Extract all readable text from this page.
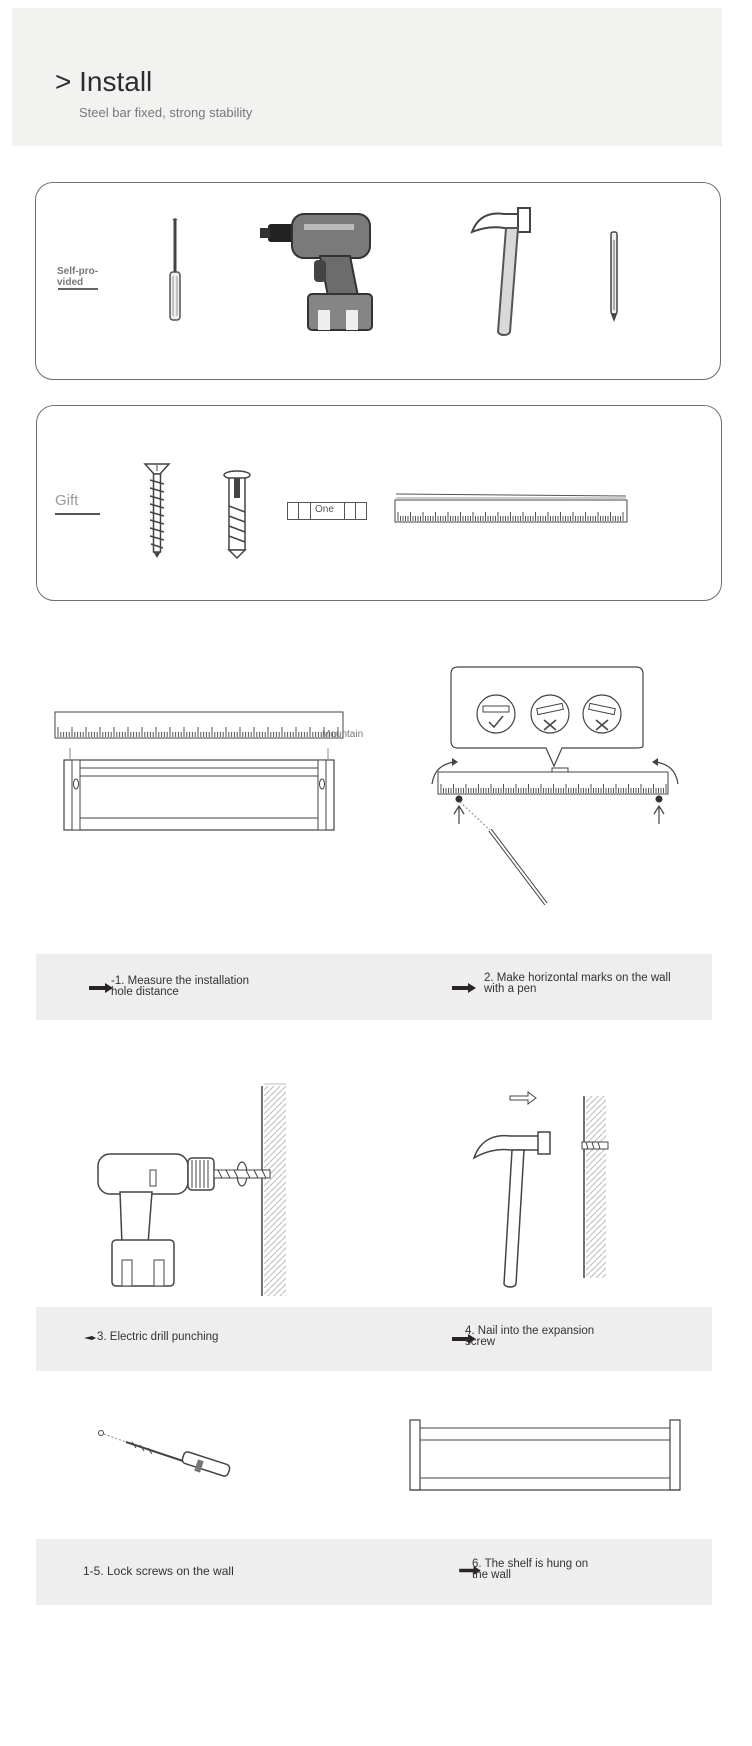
> Install
Steel bar fixed, strong stability
Self-pro-vided
Gift
One
Mountain
-1. Measure the installation hole distance
2. Make horizontal marks on the wall with a pen
3. Electric drill punching	4. Nail into the expansion screw
1-5. Lock screws on the wall	6. The shelf is hung on the wall
